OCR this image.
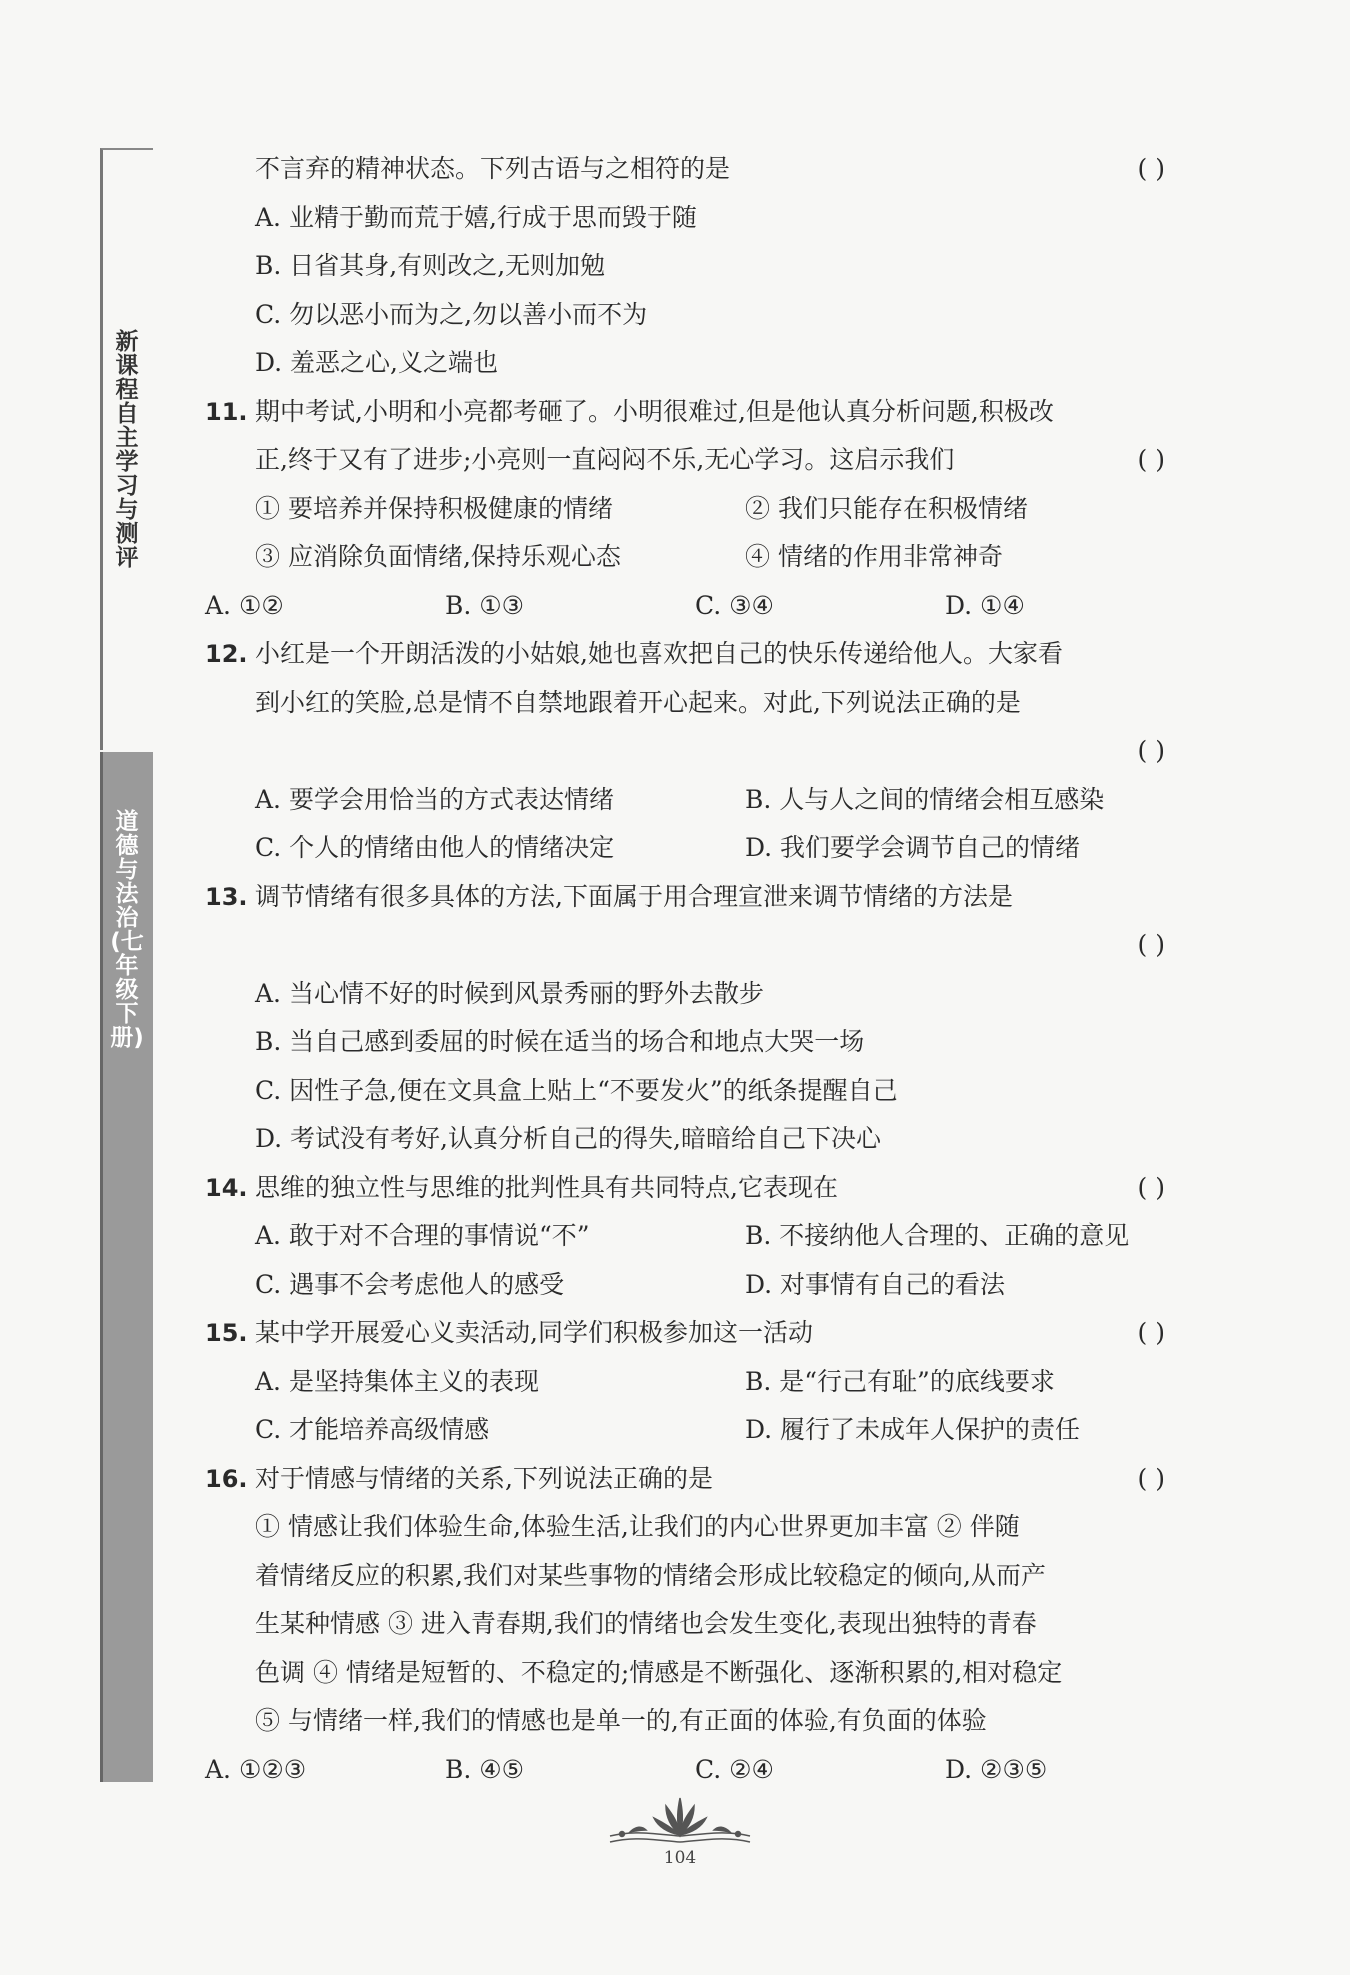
新课程自主学习与测评
道德与法治(七年级下册)
不言弃的精神状态。下列古语与之相符的是	( )
A. 业精于勤而荒于嬉,行成于思而毁于随
B. 日省其身,有则改之,无则加勉
C. 勿以恶小而为之,勿以善小而不为
D. 羞恶之心,义之端也
11. 期中考试,小明和小亮都考砸了。小明很难过,但是他认真分析问题,积极改
正,终于又有了进步;小亮则一直闷闷不乐,无心学习。这启示我们	( )
① 要培养并保持积极健康的情绪	② 我们只能存在积极情绪
③ 应消除负面情绪,保持乐观心态	④ 情绪的作用非常神奇
A. ①②	B. ①③	C. ③④	D. ①④
12. 小红是一个开朗活泼的小姑娘,她也喜欢把自己的快乐传递给他人。大家看
到小红的笑脸,总是情不自禁地跟着开心起来。对此,下列说法正确的是
( )
A. 要学会用恰当的方式表达情绪	B. 人与人之间的情绪会相互感染
C. 个人的情绪由他人的情绪决定	D. 我们要学会调节自己的情绪
13. 调节情绪有很多具体的方法,下面属于用合理宣泄来调节情绪的方法是
( )
A. 当心情不好的时候到风景秀丽的野外去散步
B. 当自己感到委屈的时候在适当的场合和地点大哭一场
C. 因性子急,便在文具盒上贴上“不要发火”的纸条提醒自己
D. 考试没有考好,认真分析自己的得失,暗暗给自己下决心
14. 思维的独立性与思维的批判性具有共同特点,它表现在	( )
A. 敢于对不合理的事情说“不”	B. 不接纳他人合理的、正确的意见
C. 遇事不会考虑他人的感受	D. 对事情有自己的看法
15. 某中学开展爱心义卖活动,同学们积极参加这一活动	( )
A. 是坚持集体主义的表现	B. 是“行己有耻”的底线要求
C. 才能培养高级情感	D. 履行了未成年人保护的责任
16. 对于情感与情绪的关系,下列说法正确的是	( )
① 情感让我们体验生命,体验生活,让我们的内心世界更加丰富 ② 伴随
着情绪反应的积累,我们对某些事物的情绪会形成比较稳定的倾向,从而产
生某种情感 ③ 进入青春期,我们的情绪也会发生变化,表现出独特的青春
色调 ④ 情绪是短暂的、不稳定的;情感是不断强化、逐渐积累的,相对稳定
⑤ 与情绪一样,我们的情感也是单一的,有正面的体验,有负面的体验
A. ①②③	B. ④⑤	C. ②④	D. ②③⑤
104
